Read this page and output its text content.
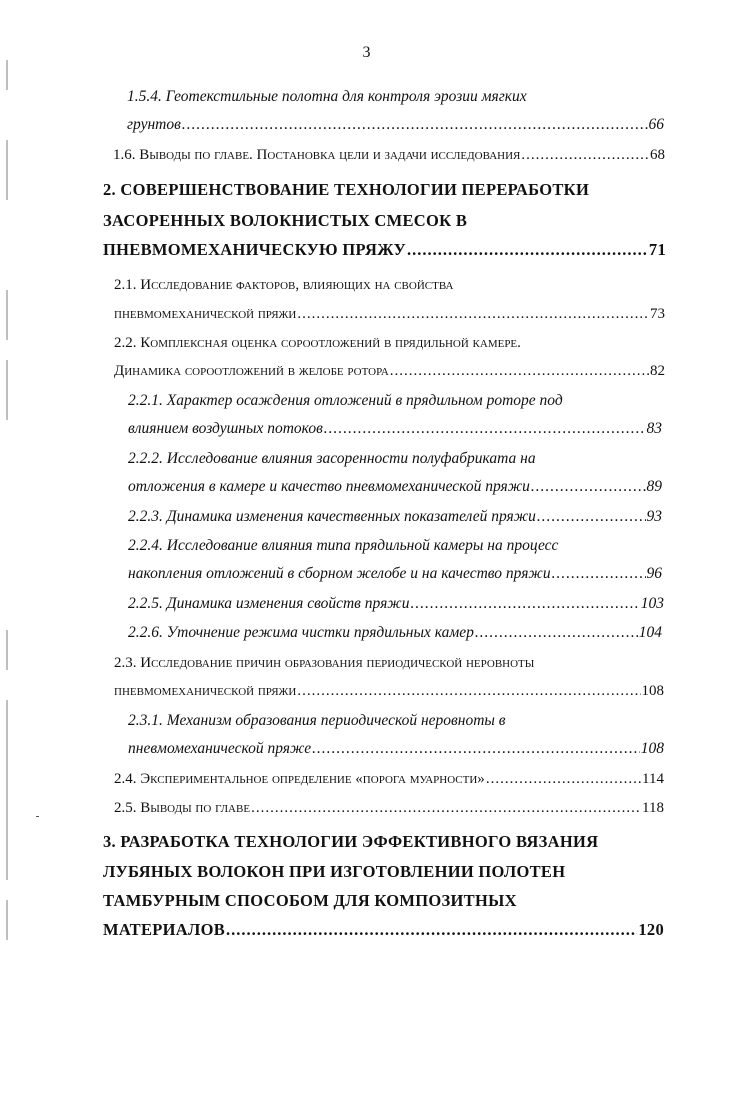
3
1.5.4. Геотекстильные полотна для контроля эрозии мягких
грунтов .....	66
1.6. Выводы по главе. Постановка цели и задачи исследования .....	68
2. СОВЕРШЕНСТВОВАНИЕ ТЕХНОЛОГИИ ПЕРЕРАБОТКИ
ЗАСОРЕННЫХ ВОЛОКНИСТЫХ СМЕСОК В
ПНЕВМОМЕХАНИЧЕСКУЮ ПРЯЖУ .....	71
2.1. Исследование факторов, влияющих на свойства
пневмомеханической пряжи .....	73
2.2. Комплексная оценка сороотложений в прядильной камере.
Динамика сороотложений в желобе ротора .....	82
2.2.1. Характер осаждения отложений в прядильном роторе под
влиянием воздушных потоков .....	83
2.2.2. Исследование влияния засоренности полуфабриката на
отложения в камере и качество пневмомеханической пряжи .....	89
2.2.3. Динамика изменения качественных показателей пряжи .....	93
2.2.4. Исследование влияния типа прядильной камеры на процесс
накопления отложений в сборном желобе и на качество пряжи .....	96
2.2.5. Динамика изменения свойств пряжи .....	103
2.2.6. Уточнение режима чистки прядильных камер .....	104
2.3. Исследование причин образования периодической неровноты
пневмомеханической пряжи .....	108
2.3.1. Механизм образования периодической неровноты в
пневмомеханической пряже .....	108
2.4. Экспериментальное определение «порога муарности» .....	114
2.5. Выводы по главе .....	118
3. РАЗРАБОТКА ТЕХНОЛОГИИ ЭФФЕКТИВНОГО ВЯЗАНИЯ
ЛУБЯНЫХ ВОЛОКОН ПРИ ИЗГОТОВЛЕНИИ ПОЛОТЕН
ТАМБУРНЫМ СПОСОБОМ ДЛЯ КОМПОЗИТНЫХ
МАТЕРИАЛОВ .....	120
